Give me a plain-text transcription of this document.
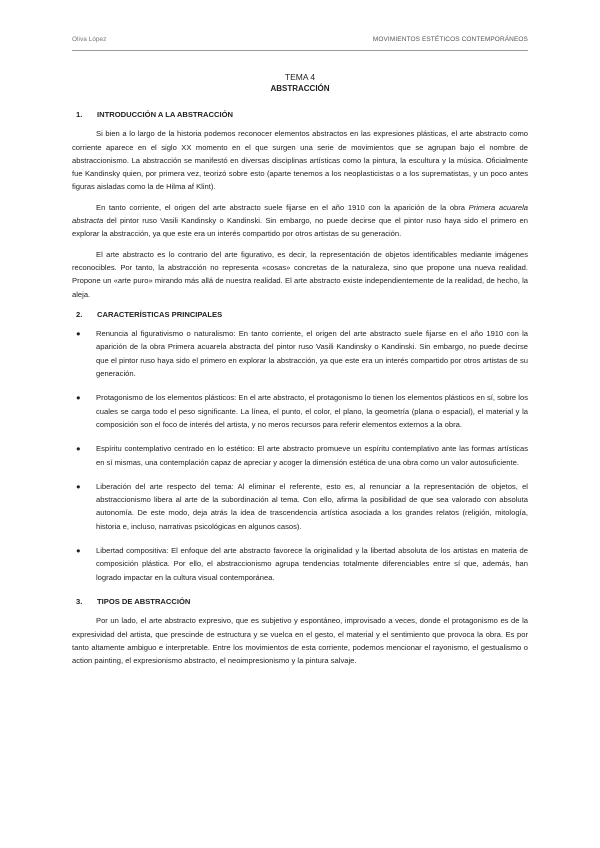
Oliva López	MOVIMIENTOS ESTÉTICOS CONTEMPORÁNEOS
TEMA 4
ABSTRACCIÓN
1. INTRODUCCIÓN A LA ABSTRACCIÓN

Si bien a lo largo de la historia podemos reconocer elementos abstractos en las expresiones plásticas, el arte abstracto como corriente aparece en el siglo XX momento en el que surgen una serie de movimientos que se agrupan bajo el nombre de abstraccionismo. La abstracción se manifestó en diversas disciplinas artísticas como la pintura, la escultura y la música. Oficialmente fue Kandinsky quien, por primera vez, teorizó sobre esto (aparte tenemos a los neoplasticistas o a los suprematistas, y un poco antes figuras aisladas como la de Hilma af Klint).

En tanto corriente, el origen del arte abstracto suele fijarse en el año 1910 con la aparición de la obra Primera acuarela abstracta del pintor ruso Vasili Kandinsky o Kandinski. Sin embargo, no puede decirse que el pintor ruso haya sido el primero en explorar la abstracción, ya que este era un interés compartido por otros artistas de su generación.

El arte abstracto es lo contrario del arte figurativo, es decir, la representación de objetos identificables mediante imágenes reconocibles. Por tanto, la abstracción no representa «cosas» concretas de la naturaleza, sino que propone una nueva realidad. Propone un «arte puro» mirando más allá de nuestra realidad. El arte abstracto existe independientemente de la realidad, de hecho, la aleja.

2. CARACTERÍSTICAS PRINCIPALES
● Renuncia al figurativismo o naturalismo: En tanto corriente, el origen del arte abstracto suele fijarse en el año 1910 con la aparición de la obra Primera acuarela abstracta del pintor ruso Vasili Kandinsky o Kandinski. Sin embargo, no puede decirse que el pintor ruso haya sido el primero en explorar la abstracción, ya que este era un interés compartido por otros artistas de su generación.
● Protagonismo de los elementos plásticos: En el arte abstracto, el protagonismo lo tienen los elementos plásticos en sí, sobre los cuales se carga todo el peso significante. La línea, el punto, el color, el plano, la geometría (plana o espacial), el material y la composición son el foco de interés del artista, y no meros recursos para referir elementos externos a la obra.
● Espíritu contemplativo centrado en lo estético: El arte abstracto promueve un espíritu contemplativo ante las formas artísticas en sí mismas, una contemplación capaz de apreciar y acoger la dimensión estética de una obra como un valor autosuficiente.
● Liberación del arte respecto del tema: Al eliminar el referente, esto es, al renunciar a la representación de objetos, el abstraccionismo libera al arte de la subordinación al tema. Con ello, afirma la posibilidad de que sea valorado con absoluta autonomía. De este modo, deja atrás la idea de trascendencia artística asociada a los grandes relatos (religión, mitología, historia e, incluso, narrativas psicológicas en algunos casos).
● Libertad compositiva: El enfoque del arte abstracto favorece la originalidad y la libertad absoluta de los artistas en materia de composición plástica. Por ello, el abstraccionismo agrupa tendencias totalmente diferenciables entre sí que, además, han logrado impactar en la cultura visual contemporánea.
3. TIPOS DE ABSTRACCIÓN

Por un lado, el arte abstracto expresivo, que es subjetivo y espontáneo, improvisado a veces, donde el protagonismo es de la expresividad del artista, que prescinde de estructura y se vuelca en el gesto, el material y el sentimiento que provoca la obra. Es por tanto altamente ambiguo e interpretable. Entre los movimientos de esta corriente, podemos mencionar el rayonismo, el gestualismo o action painting, el expresionismo abstracto, el neoimpresionismo y la pintura salvaje.
